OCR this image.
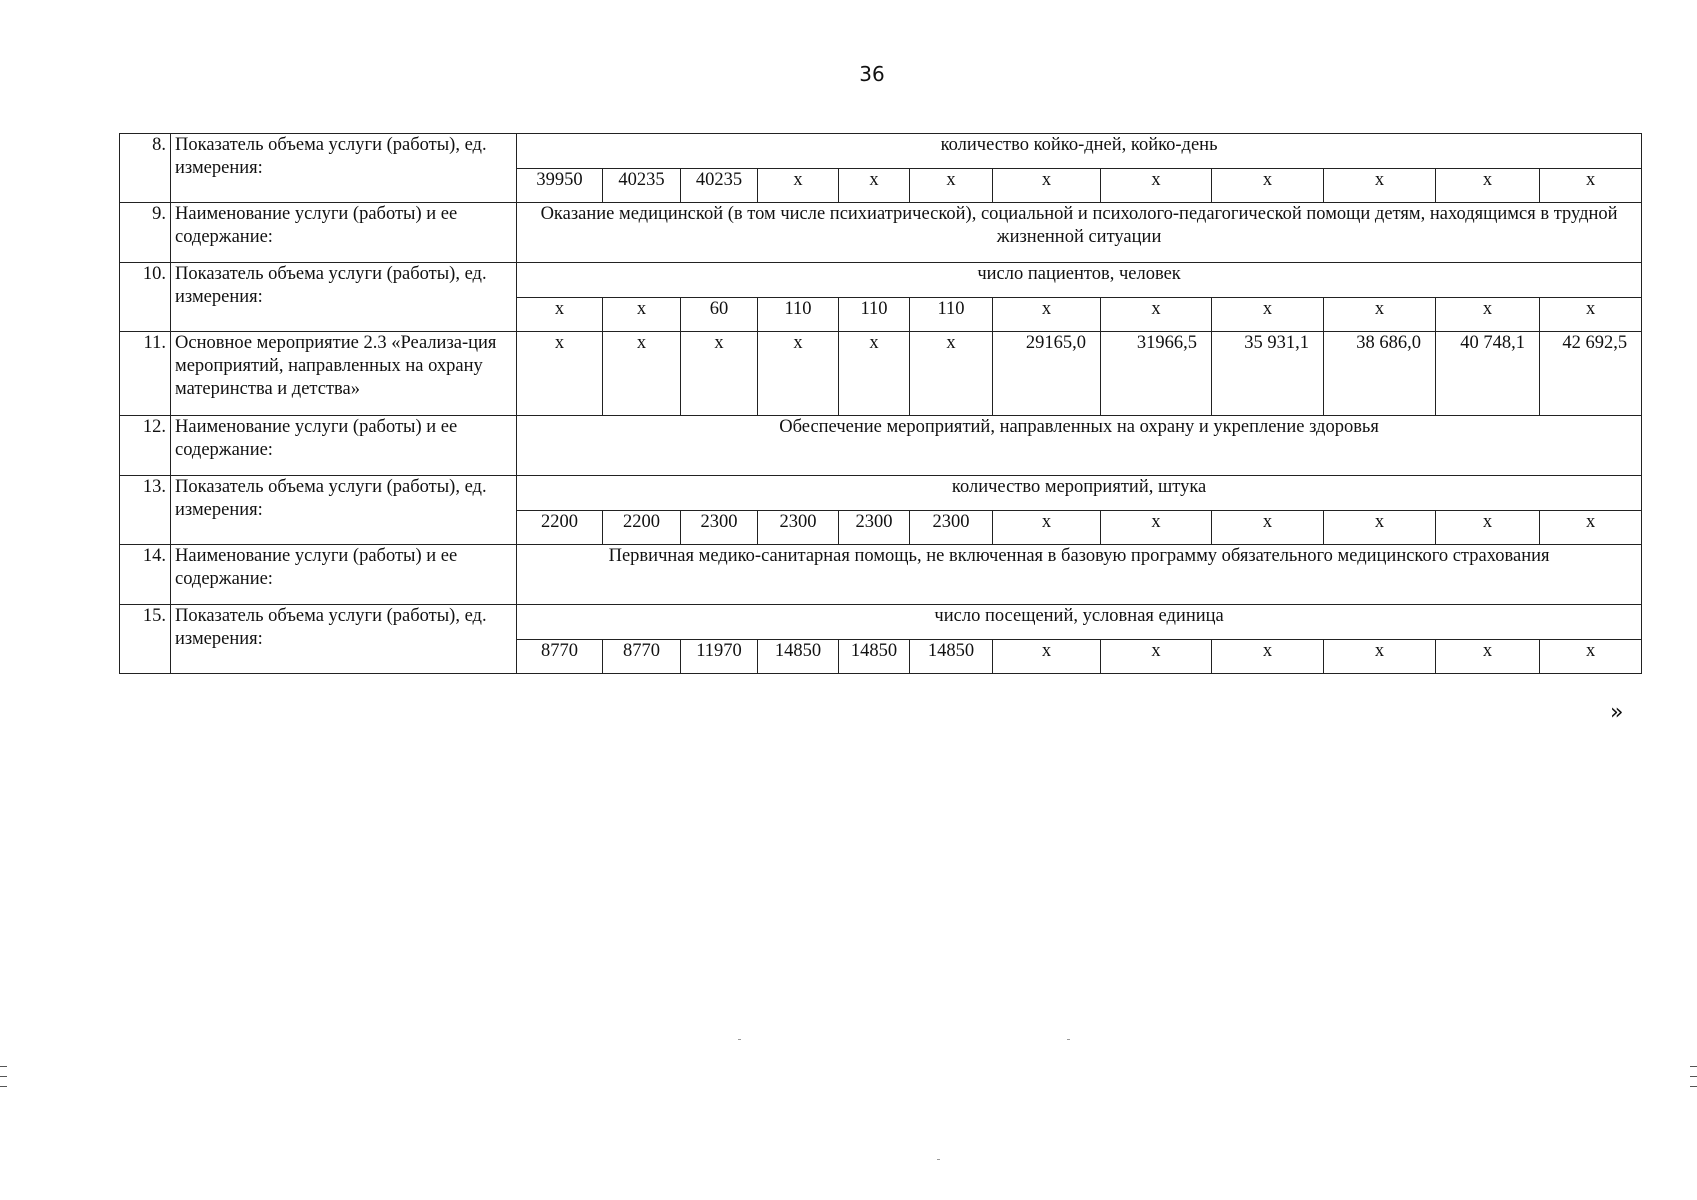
36
8.	Показатель объема услуги (работы), ед. измерения:	количество койко-дней, койко-день											
		39950	40235	40235	x	x	x	x	x	x	x	x	x
9.	Наименование услуги (работы) и ее содержание:	Оказание медицинской (в том числе психиатрической), социальной и психолого-педагогической помощи детям, находящимся в трудной жизненной ситуации											
10.	Показатель объема услуги (работы), ед. измерения:	число пациентов, человек											
		x	x	60	110	110	110	x	x	x	x	x	x
11.	Основное мероприятие 2.3 «Реализа-ция мероприятий, направленных на охрану материнства и детства»	x	x	x	x	x	x	29165,0	31966,5	35 931,1	38 686,0	40 748,1	42 692,5
12.	Наименование услуги (работы) и ее содержание:	Обеспечение мероприятий, направленных на охрану и укрепление здоровья											
13.	Показатель объема услуги (работы), ед. измерения:	количество мероприятий, штука											
		2200	2200	2300	2300	2300	2300	x	x	x	x	x	x
14.	Наименование услуги (работы) и ее содержание:	Первичная медико-санитарная помощь, не включенная в базовую программу обязательного медицинского страхования											
15.	Показатель объема услуги (работы), ед. измерения:	число посещений, условная единица											
		8770	8770	11970	14850	14850	14850	x	x	x	x	x	x
»
